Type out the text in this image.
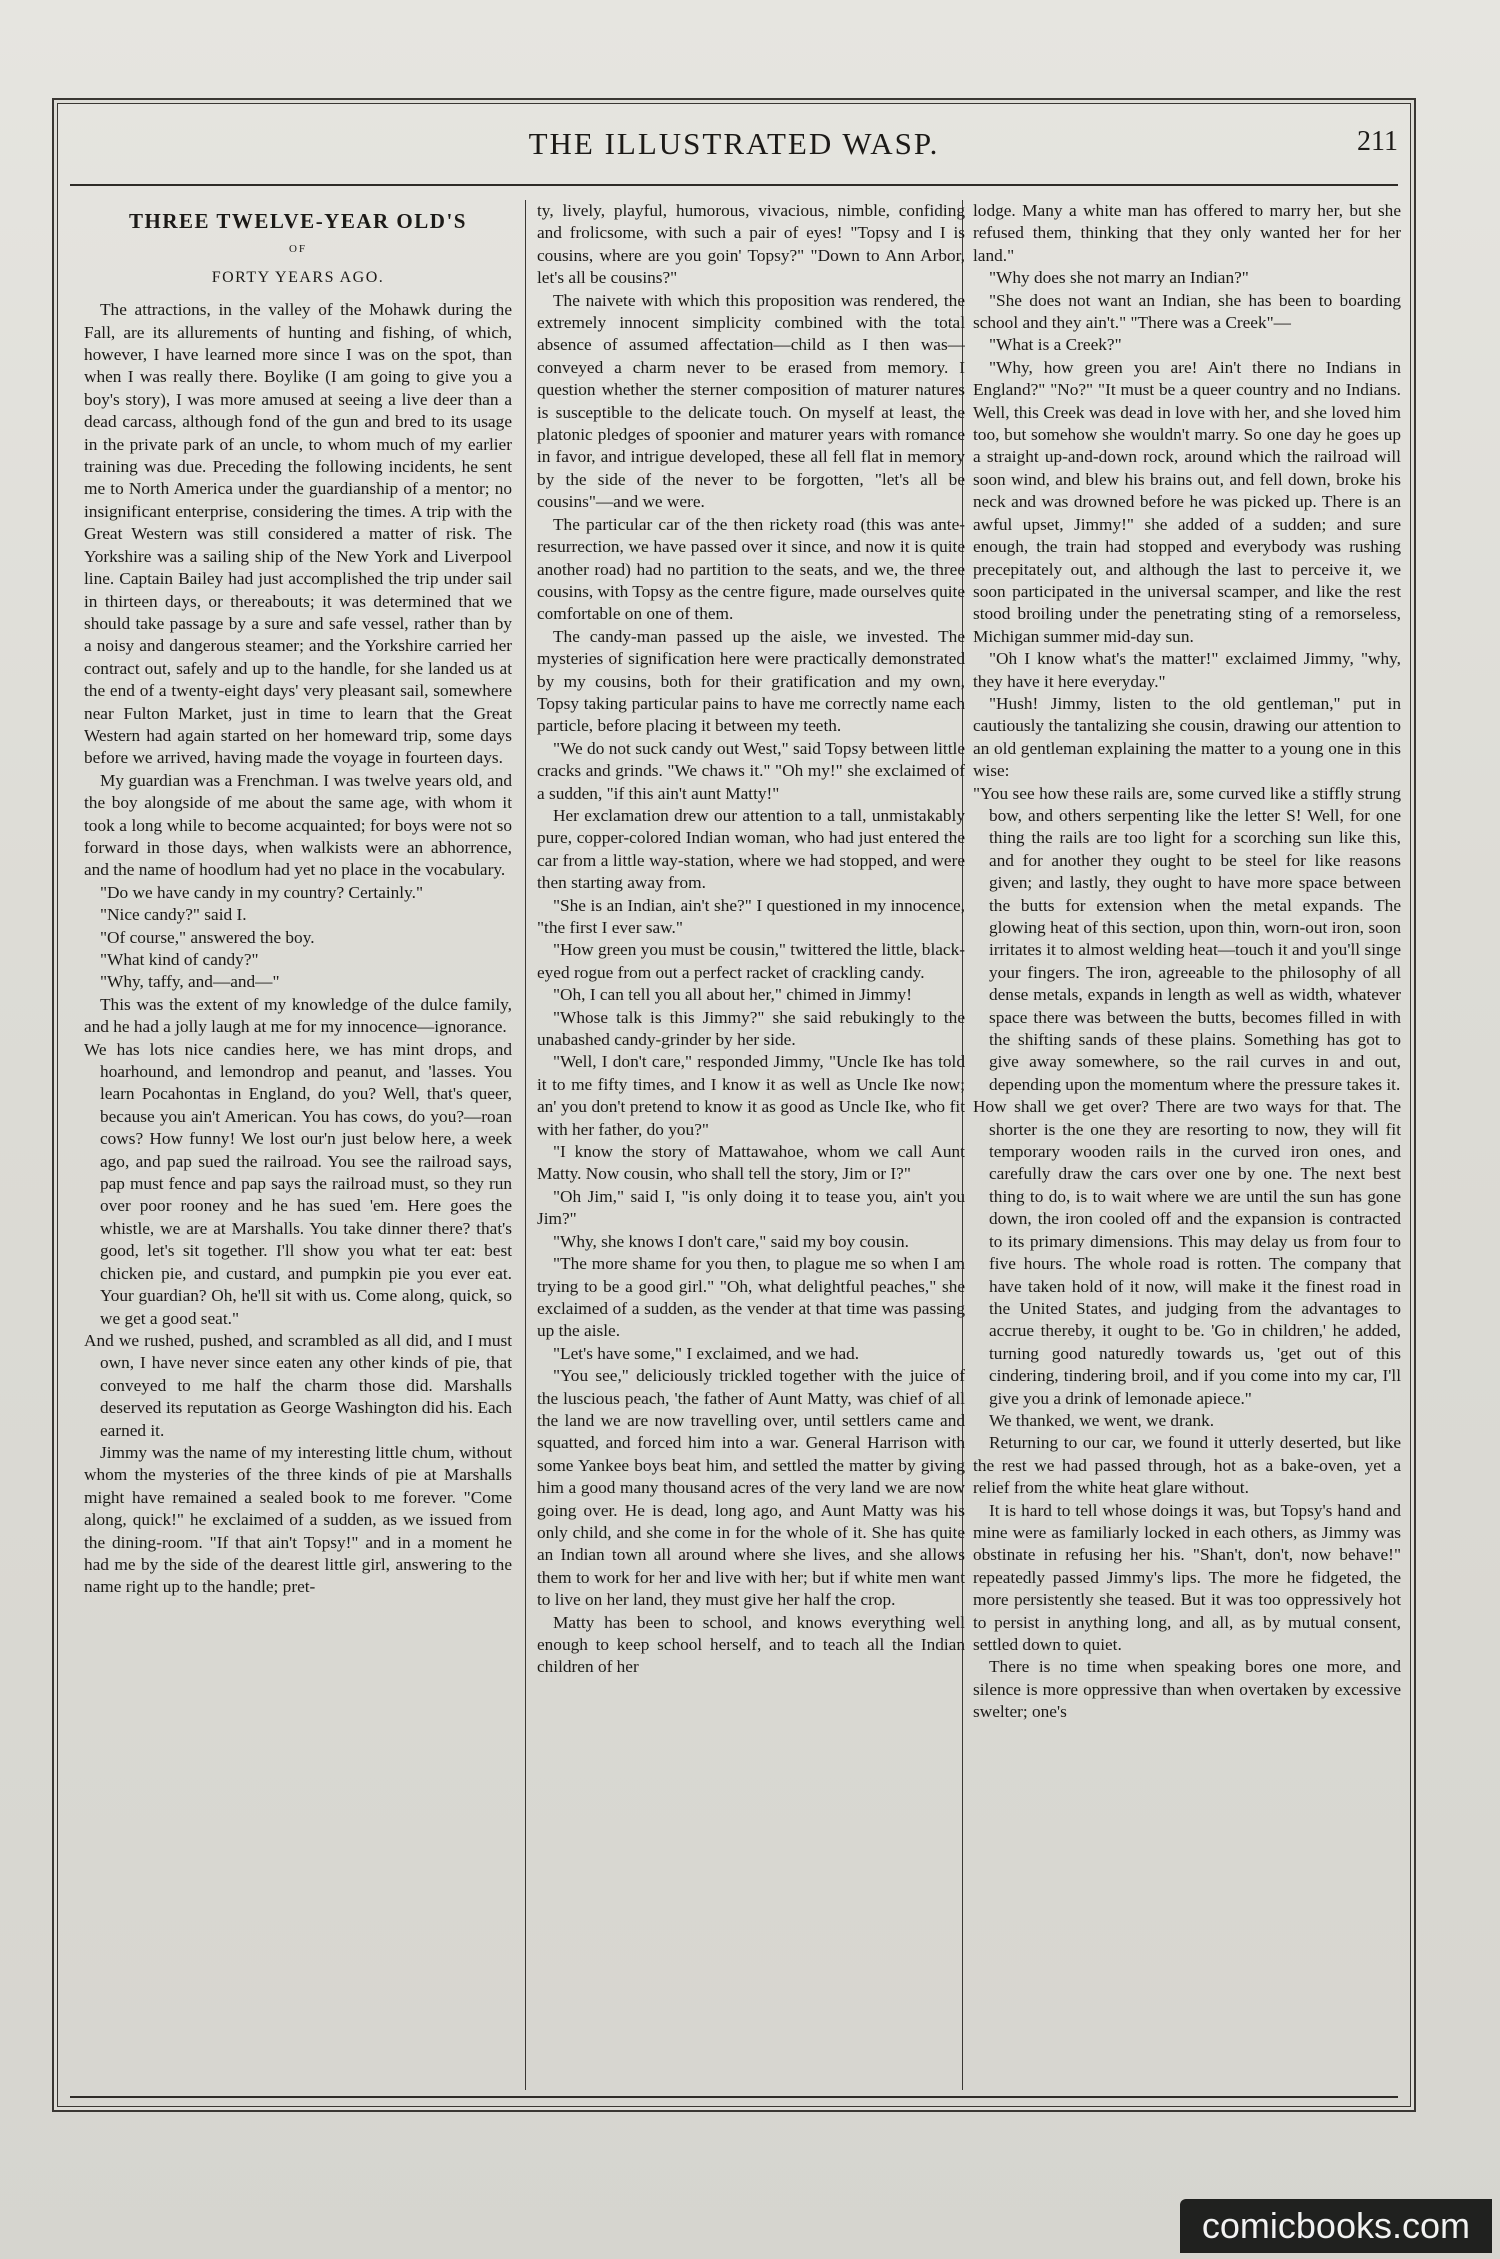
THE ILLUSTRATED WASP.	211
THREE TWELVE-YEAR OLD'S
OF
FORTY YEARS AGO.

The attractions, in the valley of the Mohawk during the Fall, are its allurements of hunting and fishing, of which, however, I have learned more since I was on the spot, than when I was really there. Boylike (I am going to give you a boy's story), I was more amused at seeing a live deer than a dead carcass, although fond of the gun and bred to its usage in the private park of an uncle, to whom much of my earlier training was due. Preceding the following incidents, he sent me to North America under the guardianship of a mentor; no insignificant enterprise, considering the times. A trip with the Great Western was still considered a matter of risk. The Yorkshire was a sailing ship of the New York and Liverpool line. Captain Bailey had just accomplished the trip under sail in thirteen days, or thereabouts; it was determined that we should take passage by a sure and safe vessel, rather than by a noisy and dangerous steamer; and the Yorkshire carried her contract out, safely and up to the handle, for she landed us at the end of a twenty-eight days' very pleasant sail, somewhere near Fulton Market, just in time to learn that the Great Western had again started on her homeward trip, some days before we arrived, having made the voyage in fourteen days.

My guardian was a Frenchman. I was twelve years old, and the boy alongside of me about the same age, with whom it took a long while to become acquainted; for boys were not so forward in those days, when walkists were an abhorrence, and the name of hoodlum had yet no place in the vocabulary.

"Do we have candy in my country? Certainly."

"Nice candy?" said I.

"Of course," answered the boy.

"What kind of candy?"

"Why, taffy, and—and—"

This was the extent of my knowledge of the dulce family, and he had a jolly laugh at me for my innocence—ignorance.

We has lots nice candies here, we has mint drops, and hoarhound, and lemondrop and peanut, and 'lasses. You learn Pocahontas in England, do you? Well, that's queer, because you ain't American. You has cows, do you?—roan cows? How funny! We lost our'n just below here, a week ago, and pap sued the railroad. You see the railroad says, pap must fence and pap says the railroad must, so they run over poor rooney and he has sued 'em. Here goes the whistle, we are at Marshalls. You take dinner there? that's good, let's sit together. I'll show you what ter eat: best chicken pie, and custard, and pumpkin pie you ever eat. Your guardian? Oh, he'll sit with us. Come along, quick, so we get a good seat."

And we rushed, pushed, and scrambled as all did, and I must own, I have never since eaten any other kinds of pie, that conveyed to me half the charm those did. Marshalls deserved its reputation as George Washington did his. Each earned it.

Jimmy was the name of my interesting little chum, without whom the mysteries of the three kinds of pie at Marshalls might have remained a sealed book to me forever. "Come along, quick!" he exclaimed of a sudden, as we issued from the dining-room. "If that ain't Topsy!" and in a moment he had me by the side of the dearest little girl, answering to the name right up to the handle; pret-

ty, lively, playful, humorous, vivacious, nimble, confiding and frolicsome, with such a pair of eyes! "Topsy and I is cousins, where are you goin' Topsy?" "Down to Ann Arbor, let's all be cousins?"

The naivete with which this proposition was rendered, the extremely innocent simplicity combined with the total absence of assumed affectation—child as I then was—conveyed a charm never to be erased from memory. I question whether the sterner composition of maturer natures is susceptible to the delicate touch. On myself at least, the platonic pledges of spoonier and maturer years with romance in favor, and intrigue developed, these all fell flat in memory by the side of the never to be forgotten, "let's all be cousins"—and we were.

The particular car of the then rickety road (this was ante-resurrection, we have passed over it since, and now it is quite another road) had no partition to the seats, and we, the three cousins, with Topsy as the centre figure, made ourselves quite comfortable on one of them.

The candy-man passed up the aisle, we invested. The mysteries of signification here were practically demonstrated by my cousins, both for their gratification and my own, Topsy taking particular pains to have me correctly name each particle, before placing it between my teeth.

"We do not suck candy out West," said Topsy between little cracks and grinds. "We chaws it." "Oh my!" she exclaimed of a sudden, "if this ain't aunt Matty!"

Her exclamation drew our attention to a tall, unmistakably pure, copper-colored Indian woman, who had just entered the car from a little way-station, where we had stopped, and were then starting away from.

"She is an Indian, ain't she?" I questioned in my innocence, "the first I ever saw."

"How green you must be cousin," twittered the little, black-eyed rogue from out a perfect racket of crackling candy.

"Oh, I can tell you all about her," chimed in Jimmy!

"Whose talk is this Jimmy?" she said rebukingly to the unabashed candy-grinder by her side.

"Well, I don't care," responded Jimmy, "Uncle Ike has told it to me fifty times, and I know it as well as Uncle Ike now; an' you don't pretend to know it as good as Uncle Ike, who fit with her father, do you?"

"I know the story of Mattawahoe, whom we call Aunt Matty. Now cousin, who shall tell the story, Jim or I?"

"Oh Jim," said I, "is only doing it to tease you, ain't you Jim?"

"Why, she knows I don't care," said my boy cousin.

"The more shame for you then, to plague me so when I am trying to be a good girl." "Oh, what delightful peaches," she exclaimed of a sudden, as the vender at that time was passing up the aisle.

"Let's have some," I exclaimed, and we had.

"You see," deliciously trickled together with the juice of the luscious peach, 'the father of Aunt Matty, was chief of all the land we are now travelling over, until settlers came and squatted, and forced him into a war. General Harrison with some Yankee boys beat him, and settled the matter by giving him a good many thousand acres of the very land we are now going over. He is dead, long ago, and Aunt Matty was his only child, and she come in for the whole of it. She has quite an Indian town all around where she lives, and she allows them to work for her and live with her; but if white men want to live on her land, they must give her half the crop.

Matty has been to school, and knows everything well enough to keep school herself, and to teach all the Indian children of her

lodge. Many a white man has offered to marry her, but she refused them, thinking that they only wanted her for her land."

"Why does she not marry an Indian?"

"She does not want an Indian, she has been to boarding school and they ain't." "There was a Creek"—

"What is a Creek?"

"Why, how green you are! Ain't there no Indians in England?" "No?" "It must be a queer country and no Indians. Well, this Creek was dead in love with her, and she loved him too, but somehow she wouldn't marry. So one day he goes up a straight up-and-down rock, around which the railroad will soon wind, and blew his brains out, and fell down, broke his neck and was drowned before he was picked up. There is an awful upset, Jimmy!" she added of a sudden; and sure enough, the train had stopped and everybody was rushing precepitately out, and although the last to perceive it, we soon participated in the universal scamper, and like the rest stood broiling under the penetrating sting of a remorseless, Michigan summer mid-day sun.

"Oh I know what's the matter!" exclaimed Jimmy, "why, they have it here everyday."

"Hush! Jimmy, listen to the old gentleman," put in cautiously the tantalizing she cousin, drawing our attention to an old gentleman explaining the matter to a young one in this wise:

"You see how these rails are, some curved like a stiffly strung bow, and others serpenting like the letter S! Well, for one thing the rails are too light for a scorching sun like this, and for another they ought to be steel for like reasons given; and lastly, they ought to have more space between the butts for extension when the metal expands. The glowing heat of this section, upon thin, worn-out iron, soon irritates it to almost welding heat—touch it and you'll singe your fingers. The iron, agreeable to the philosophy of all dense metals, expands in length as well as width, whatever space there was between the butts, becomes filled in with the shifting sands of these plains. Something has got to give away somewhere, so the rail curves in and out, depending upon the momentum where the pressure takes it.

How shall we get over? There are two ways for that. The shorter is the one they are resorting to now, they will fit temporary wooden rails in the curved iron ones, and carefully draw the cars over one by one. The next best thing to do, is to wait where we are until the sun has gone down, the iron cooled off and the expansion is contracted to its primary dimensions. This may delay us from four to five hours. The whole road is rotten. The company that have taken hold of it now, will make it the finest road in the United States, and judging from the advantages to accrue thereby, it ought to be. 'Go in children,' he added, turning good naturedly towards us, 'get out of this cindering, tindering broil, and if you come into my car, I'll give you a drink of lemonade apiece."

We thanked, we went, we drank.

Returning to our car, we found it utterly deserted, but like the rest we had passed through, hot as a bake-oven, yet a relief from the white heat glare without.

It is hard to tell whose doings it was, but Topsy's hand and mine were as familiarly locked in each others, as Jimmy was obstinate in refusing her his. "Shan't, don't, now behave!" repeatedly passed Jimmy's lips. The more he fidgeted, the more persistently she teased. But it was too oppressively hot to persist in anything long, and all, as by mutual consent, settled down to quiet.

There is no time when speaking bores one more, and silence is more oppressive than when overtaken by excessive swelter; one's

comicbooks.com
